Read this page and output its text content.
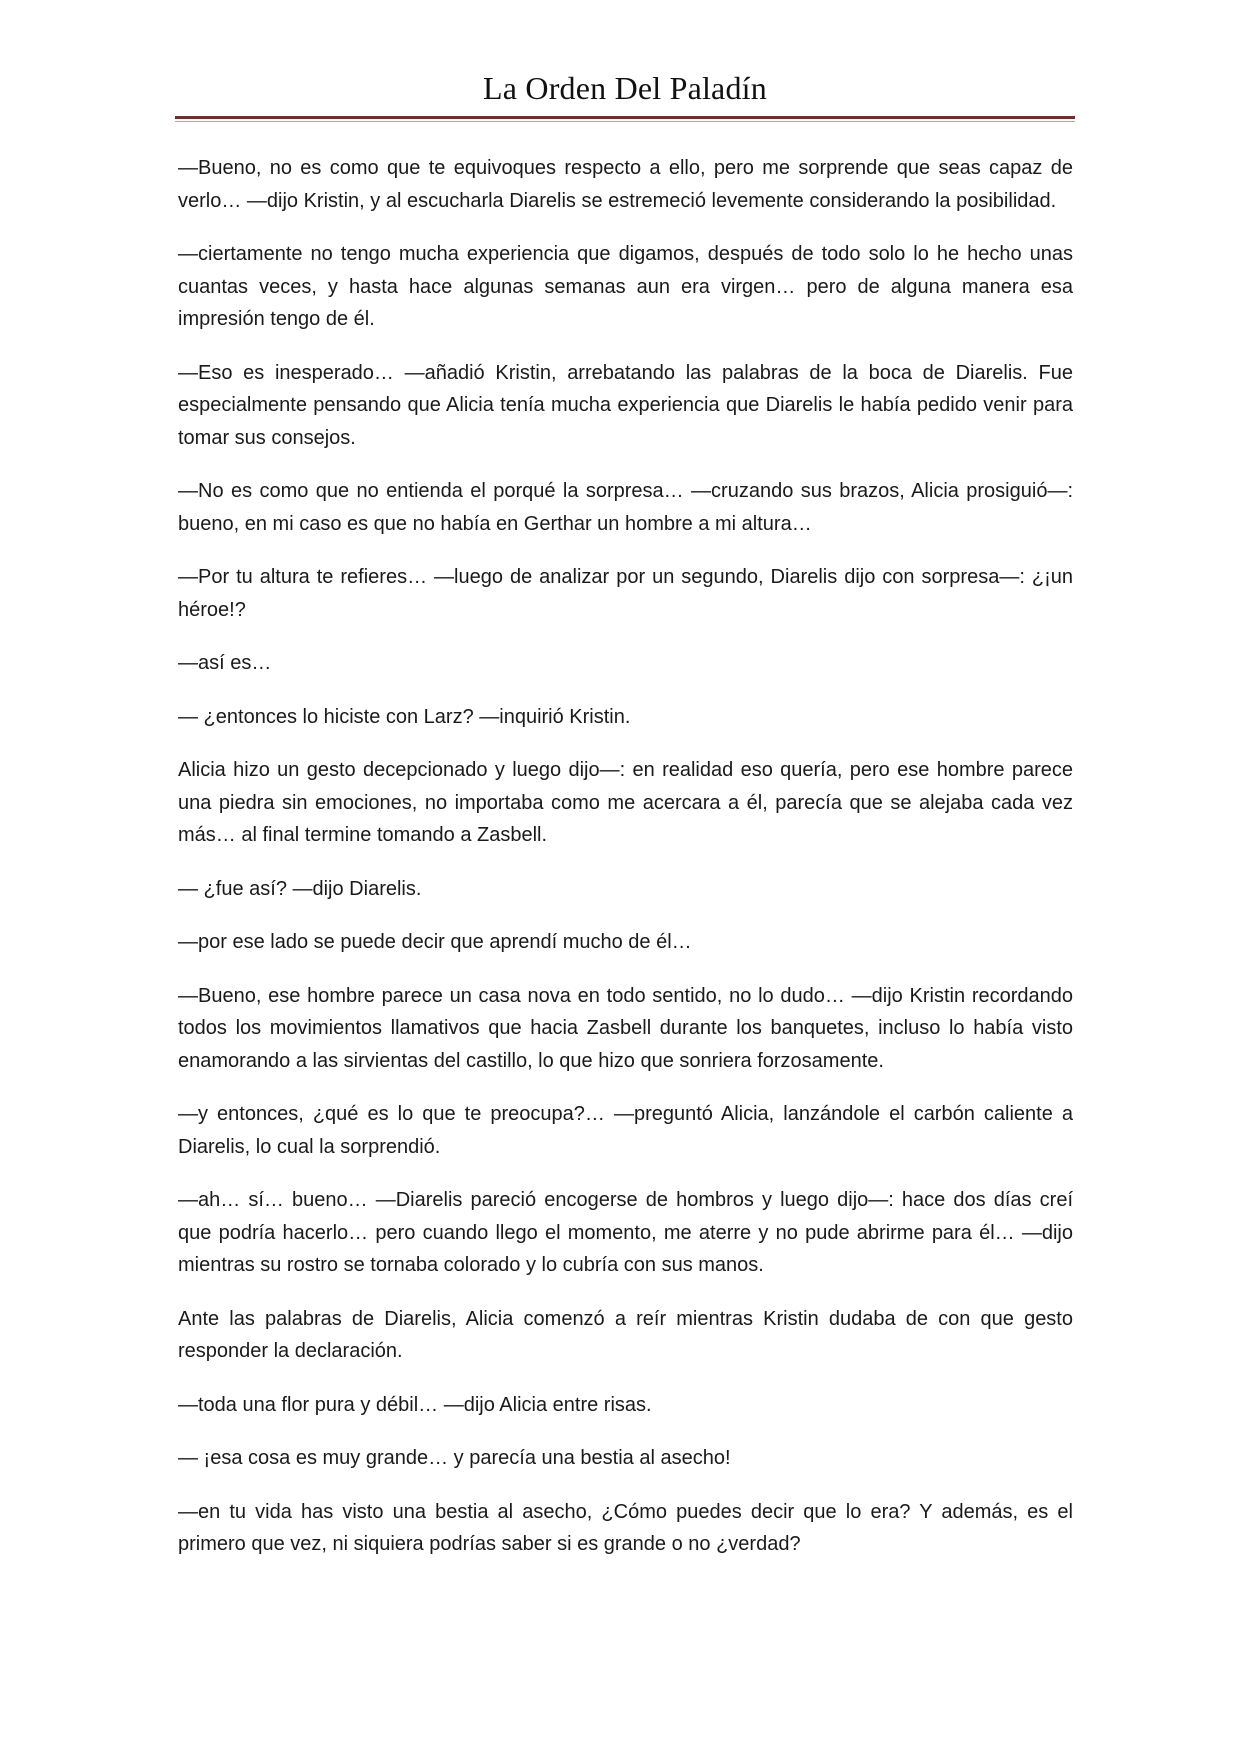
La Orden Del Paladín

—Bueno, no es como que te equivoques respecto a ello, pero me sorprende que seas capaz de verlo… —dijo Kristin, y al escucharla Diarelis se estremeció levemente considerando la posibilidad.

—ciertamente no tengo mucha experiencia que digamos, después de todo solo lo he hecho unas cuantas veces, y hasta hace algunas semanas aun era virgen… pero de alguna manera esa impresión tengo de él.

—Eso es inesperado… —añadió Kristin, arrebatando las palabras de la boca de Diarelis. Fue especialmente pensando que Alicia tenía mucha experiencia que Diarelis le había pedido venir para tomar sus consejos.

—No es como que no entienda el porqué la sorpresa… —cruzando sus brazos, Alicia prosiguió—: bueno, en mi caso es que no había en Gerthar un hombre a mi altura…

—Por tu altura te refieres… —luego de analizar por un segundo, Diarelis dijo con sorpresa—: ¿¡un héroe!?

—así es…

— ¿entonces lo hiciste con Larz? —inquirió Kristin.

Alicia hizo un gesto decepcionado y luego dijo—: en realidad eso quería, pero ese hombre parece una piedra sin emociones, no importaba como me acercara a él, parecía que se alejaba cada vez más… al final termine tomando a Zasbell.

— ¿fue así? —dijo Diarelis.

—por ese lado se puede decir que aprendí mucho de él…

—Bueno, ese hombre parece un casa nova en todo sentido, no lo dudo… —dijo Kristin recordando todos los movimientos llamativos que hacia Zasbell durante los banquetes, incluso lo había visto enamorando a las sirvientas del castillo, lo que hizo que sonriera forzosamente.

—y entonces, ¿qué es lo que te preocupa?… —preguntó Alicia, lanzándole el carbón caliente a Diarelis, lo cual la sorprendió.

—ah… sí… bueno… —Diarelis pareció encogerse de hombros y luego dijo—: hace dos días creí que podría hacerlo… pero cuando llego el momento, me aterre y no pude abrirme para él… —dijo mientras su rostro se tornaba colorado y lo cubría con sus manos.

Ante las palabras de Diarelis, Alicia comenzó a reír mientras Kristin dudaba de con que gesto responder la declaración.

—toda una flor pura y débil… —dijo Alicia entre risas.

— ¡esa cosa es muy grande… y parecía una bestia al asecho!

—en tu vida has visto una bestia al asecho, ¿Cómo puedes decir que lo era? Y además, es el primero que vez, ni siquiera podrías saber si es grande o no ¿verdad?
